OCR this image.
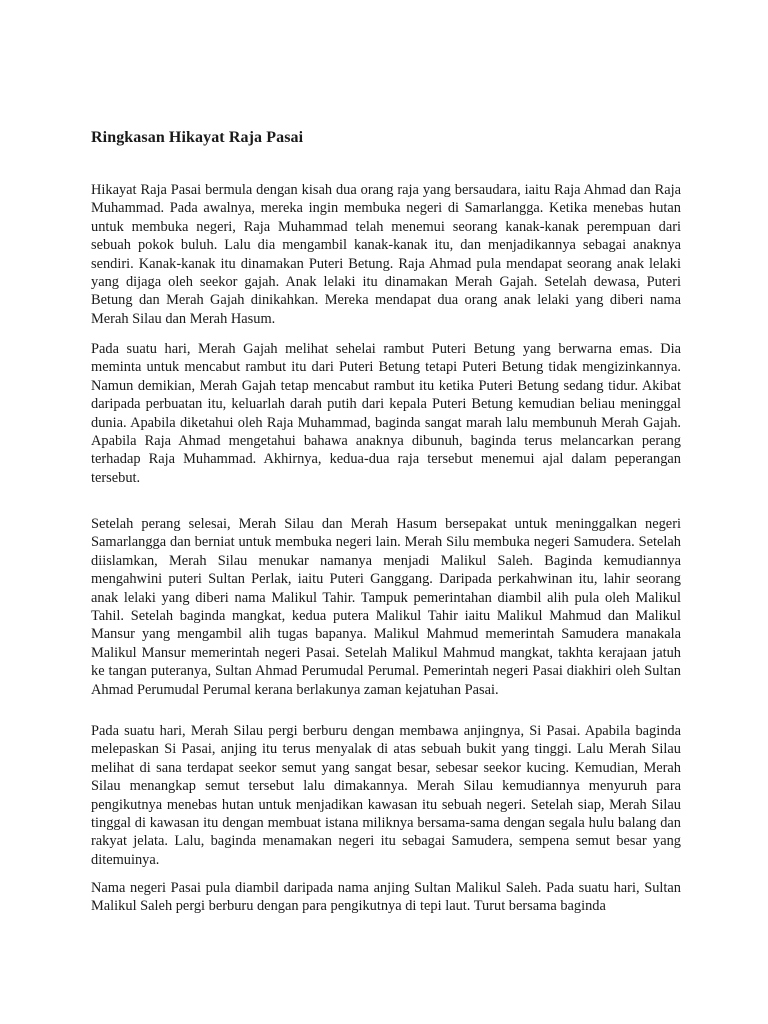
Ringkasan Hikayat Raja Pasai

Hikayat Raja Pasai bermula dengan kisah dua orang raja yang bersaudara, iaitu Raja Ahmad dan Raja Muhammad. Pada awalnya, mereka ingin membuka negeri di Samarlangga. Ketika menebas hutan untuk membuka negeri, Raja Muhammad telah menemui seorang kanak-kanak perempuan dari sebuah pokok buluh. Lalu dia mengambil kanak-kanak itu, dan menjadikannya sebagai anaknya sendiri. Kanak-kanak itu dinamakan Puteri Betung. Raja Ahmad pula mendapat seorang anak lelaki yang dijaga oleh seekor gajah. Anak lelaki itu dinamakan Merah Gajah. Setelah dewasa, Puteri Betung dan Merah Gajah dinikahkan. Mereka mendapat dua orang anak lelaki yang diberi nama Merah Silau dan Merah Hasum.

Pada suatu hari, Merah Gajah melihat sehelai rambut Puteri Betung yang berwarna emas. Dia meminta untuk mencabut rambut itu dari Puteri Betung tetapi Puteri Betung tidak mengizinkannya. Namun demikian, Merah Gajah tetap mencabut rambut itu ketika Puteri Betung sedang tidur. Akibat daripada perbuatan itu, keluarlah darah putih dari kepala Puteri Betung kemudian beliau meninggal dunia. Apabila diketahui oleh Raja Muhammad, baginda sangat marah lalu membunuh Merah Gajah. Apabila Raja Ahmad mengetahui bahawa anaknya dibunuh, baginda terus melancarkan perang terhadap Raja Muhammad. Akhirnya, kedua-dua raja tersebut menemui ajal dalam peperangan tersebut.

Setelah perang selesai, Merah Silau dan Merah Hasum bersepakat untuk meninggalkan negeri Samarlangga dan berniat untuk membuka negeri lain. Merah Silu membuka negeri Samudera. Setelah diislamkan, Merah Silau menukar namanya menjadi Malikul Saleh. Baginda kemudiannya mengahwini puteri Sultan Perlak, iaitu Puteri Ganggang. Daripada perkahwinan itu, lahir seorang anak lelaki yang diberi nama Malikul Tahir. Tampuk pemerintahan diambil alih pula oleh Malikul Tahil. Setelah baginda mangkat, kedua putera Malikul Tahir iaitu Malikul Mahmud dan Malikul Mansur yang mengambil alih tugas bapanya. Malikul Mahmud memerintah Samudera manakala Malikul Mansur memerintah negeri Pasai. Setelah Malikul Mahmud mangkat, takhta kerajaan jatuh ke tangan puteranya, Sultan Ahmad Perumudal Perumal. Pemerintah negeri Pasai diakhiri oleh Sultan Ahmad Perumudal Perumal kerana berlakunya zaman kejatuhan Pasai.

Pada suatu hari, Merah Silau pergi berburu dengan membawa anjingnya, Si Pasai. Apabila baginda melepaskan Si Pasai, anjing itu terus menyalak di atas sebuah bukit yang tinggi. Lalu Merah Silau melihat di sana terdapat seekor semut yang sangat besar, sebesar seekor kucing. Kemudian, Merah Silau menangkap semut tersebut lalu dimakannya. Merah Silau kemudiannya menyuruh para pengikutnya menebas hutan untuk menjadikan kawasan itu sebuah negeri. Setelah siap, Merah Silau tinggal di kawasan itu dengan membuat istana miliknya bersama-sama dengan segala hulu balang dan rakyat jelata. Lalu, baginda menamakan negeri itu sebagai Samudera, sempena semut besar yang ditemuinya.

Nama negeri Pasai pula diambil daripada nama anjing Sultan Malikul Saleh. Pada suatu hari, Sultan Malikul Saleh pergi berburu dengan para pengikutnya di tepi laut. Turut bersama baginda
